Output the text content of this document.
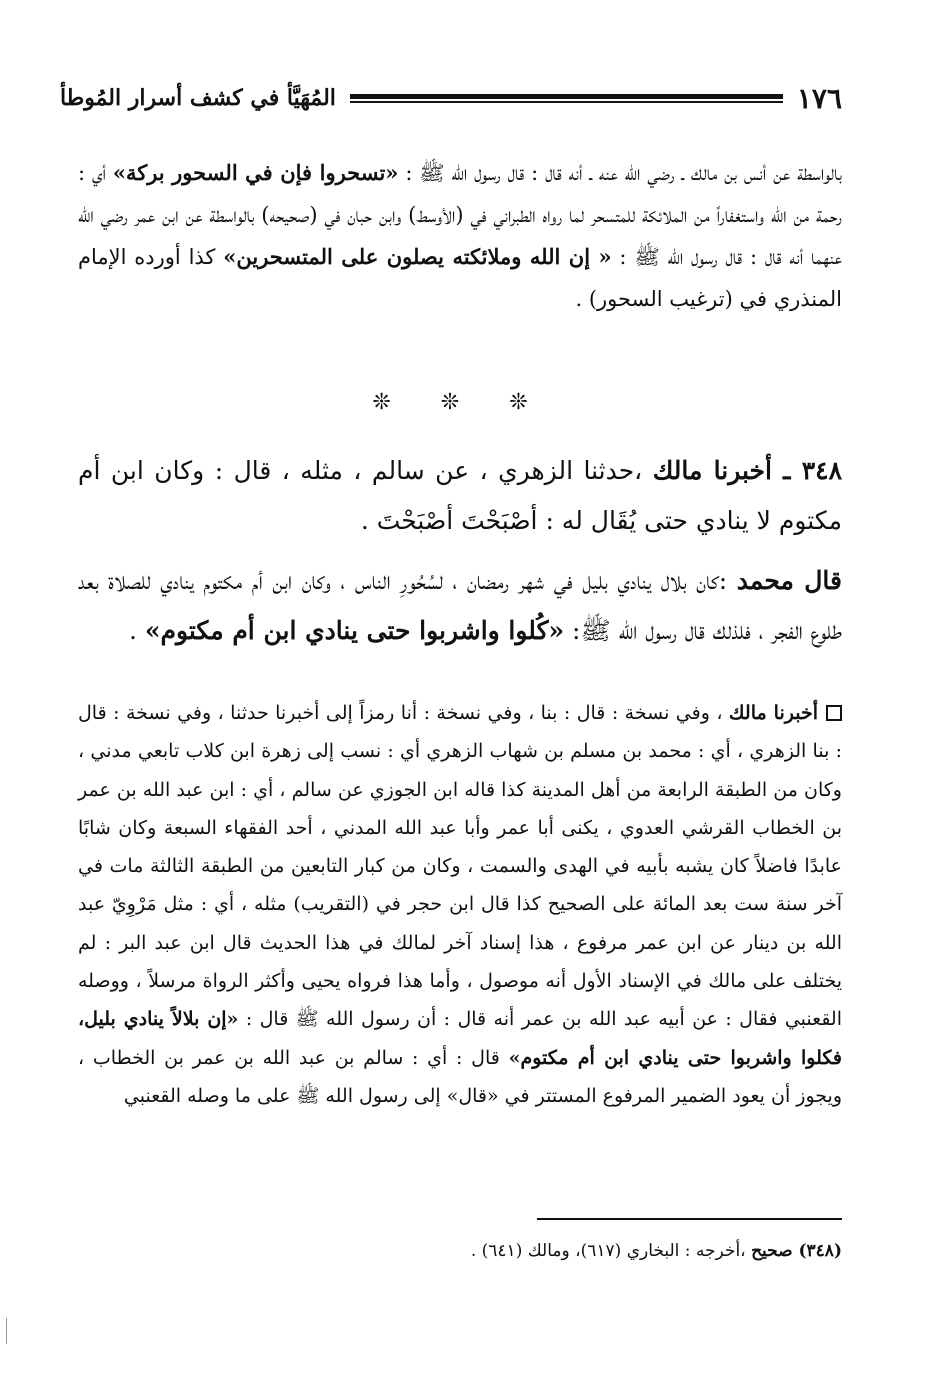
١٧٦
المُهَيَّأ في كشف أسرار المُوطأ

بالواسطة عن أنس بن مالك ـ رضي الله عنه ـ أنه قال : قال رسول الله ﷺ : «تسحروا فإن في السحور بركة» أي : رحمة من الله واستغفاراً من الملائكة للمتسحر لما رواه الطبراني في (الأوسط) وابن حبان في (صحيحه) بالواسطة عن ابن عمر رضي الله عنهما أنه قال : قال رسول الله ﷺ : « إن الله وملائكته يصلون على المتسحرين» كذا أورده الإمام المنذري في (ترغيب السحور) .

❊❊❊

٣٤٨ ـ أخبرنا مالك ،حدثنا الزهري ، عن سالم ، مثله ، قال : وكان ابن أم مكتوم لا ينادي حتى يُقَال له : أصْبَحْتَ أصْبَحْتَ .

قال محمد :كان بلال ينادي بليل في شهر رمضان ، لسُحُورِ الناس ، وكان ابن أم مكتوم ينادي للصلاة بعد طلوع الفجر ، فلذلك قال رسول الله ﷺ: «كُلوا واشربوا حتى ينادي ابن أم مكتوم» .

أخبرنا مالك ، وفي نسخة : قال : بنا ، وفي نسخة : أنا رمزاً إلى أخبرنا حدثنا ، وفي نسخة : قال : بنا الزهري ، أي : محمد بن مسلم بن شهاب الزهري أي : نسب إلى زهرة ابن كلاب تابعي مدني ، وكان من الطبقة الرابعة من أهل المدينة كذا قاله ابن الجوزي عن سالم ، أي : ابن عبد الله بن عمر بن الخطاب القرشي العدوي ، يكنى أبا عمر وأبا عبد الله المدني ، أحد الفقهاء السبعة وكان شابًا عابدًا فاضلاً كان يشبه بأبيه في الهدى والسمت ، وكان من كبار التابعين من الطبقة الثالثة مات في آخر سنة ست بعد المائة على الصحيح كذا قال ابن حجر في (التقريب) مثله ، أي : مثل مَرْوِيّ عبد الله بن دينار عن ابن عمر مرفوع ، هذا إسناد آخر لمالك في هذا الحديث قال ابن عبد البر : لم يختلف على مالك في الإسناد الأول أنه موصول ، وأما هذا فرواه يحيى وأكثر الرواة مرسلاً ، ووصله القعنبي فقال : عن أبيه عبد الله بن عمر أنه قال : أن رسول الله ﷺ قال : «إن بلالاً ينادي بليل، فكلوا واشربوا حتى ينادي ابن أم مكتوم» قال : أي : سالم بن عبد الله بن عمر بن الخطاب ، ويجوز أن يعود الضمير المرفوع المستتر في «قال» إلى رسول الله ﷺ على ما وصله القعنبي

(٣٤٨) صحيح ،أخرجه : البخاري (٦١٧)، ومالك (٦٤١) .
